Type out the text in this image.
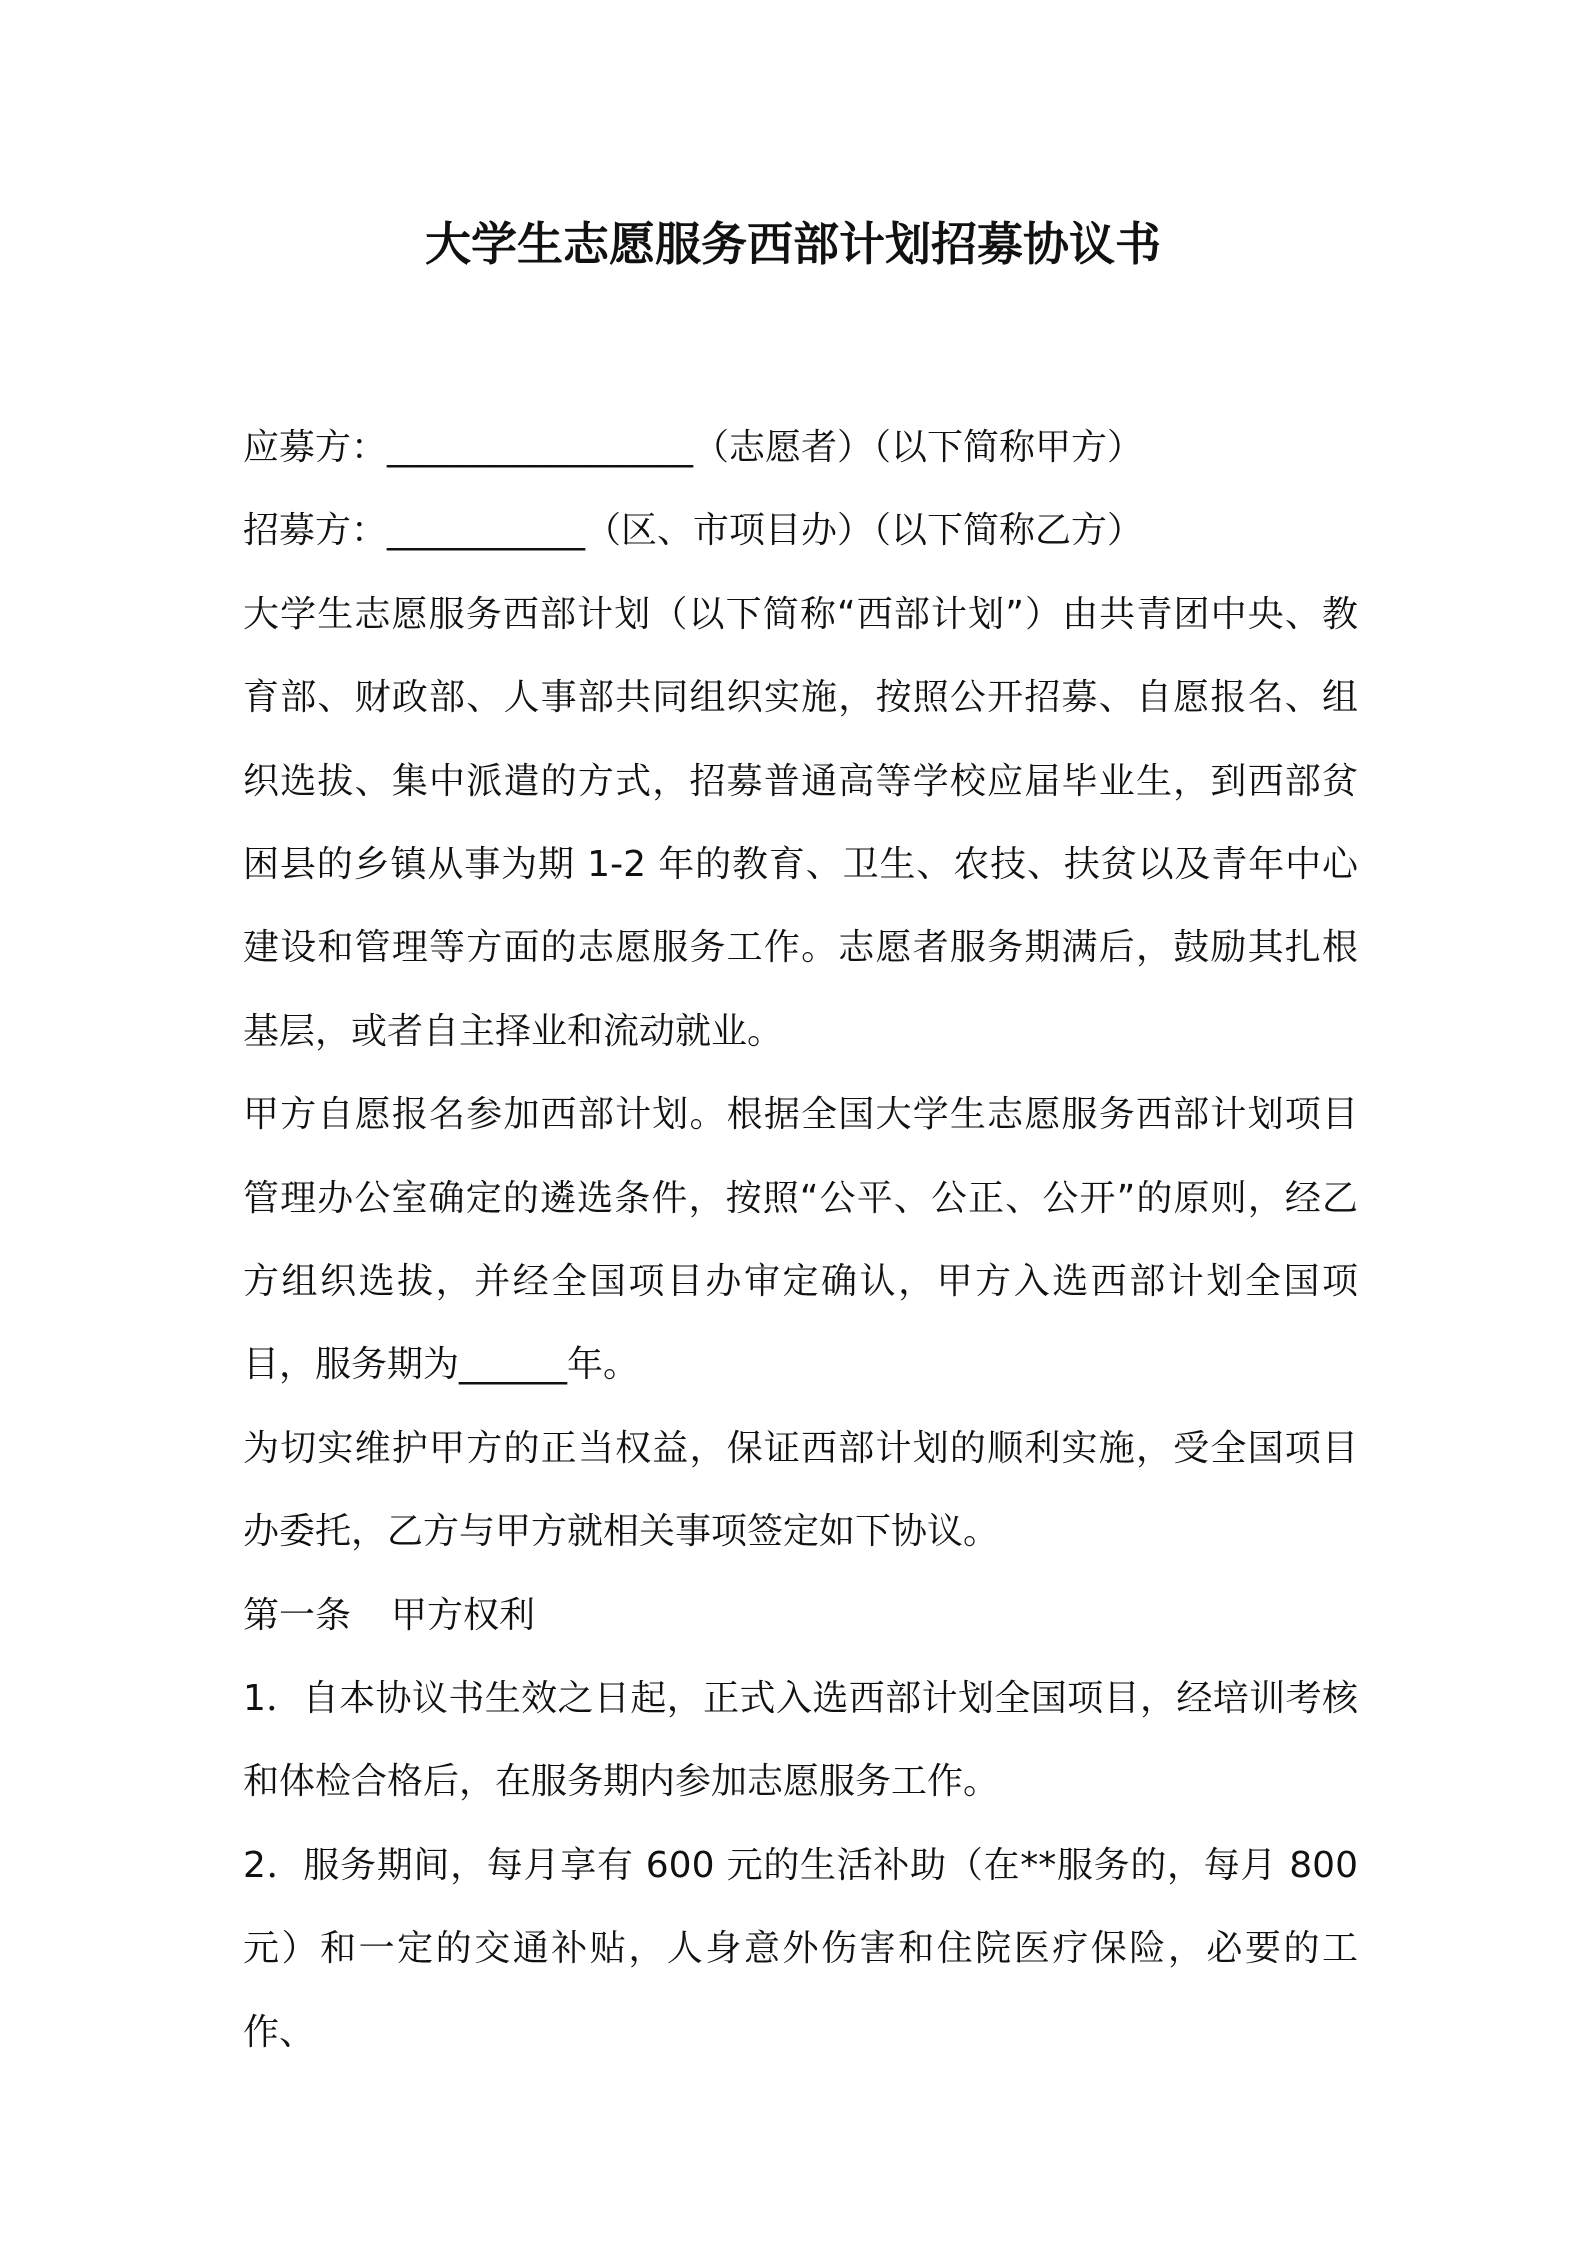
大学生志愿服务西部计划招募协议书
应募方：_________________（志愿者）（以下简称甲方）
招募方：___________（区、市项目办）（以下简称乙方）

大学生志愿服务西部计划（以下简称“西部计划”）由共青团中央、教育部、财政部、人事部共同组织实施，按照公开招募、自愿报名、组织选拔、集中派遣的方式，招募普通高等学校应届毕业生，到西部贫困县的乡镇从事为期 1-2 年的教育、卫生、农技、扶贫以及青年中心建设和管理等方面的志愿服务工作。志愿者服务期满后，鼓励其扎根基层，或者自主择业和流动就业。

甲方自愿报名参加西部计划。根据全国大学生志愿服务西部计划项目管理办公室确定的遴选条件，按照“公平、公正、公开”的原则，经乙方组织选拔，并经全国项目办审定确认，甲方入选西部计划全国项目，服务期为______年。

为切实维护甲方的正当权益，保证西部计划的顺利实施，受全国项目办委托，乙方与甲方就相关事项签定如下协议。

第一条 甲方权利

1．自本协议书生效之日起，正式入选西部计划全国项目，经培训考核和体检合格后，在服务期内参加志愿服务工作。

2．服务期间，每月享有 600 元的生活补助（在**服务的，每月 800 元）和一定的交通补贴，人身意外伤害和住院医疗保险，必要的工作、
